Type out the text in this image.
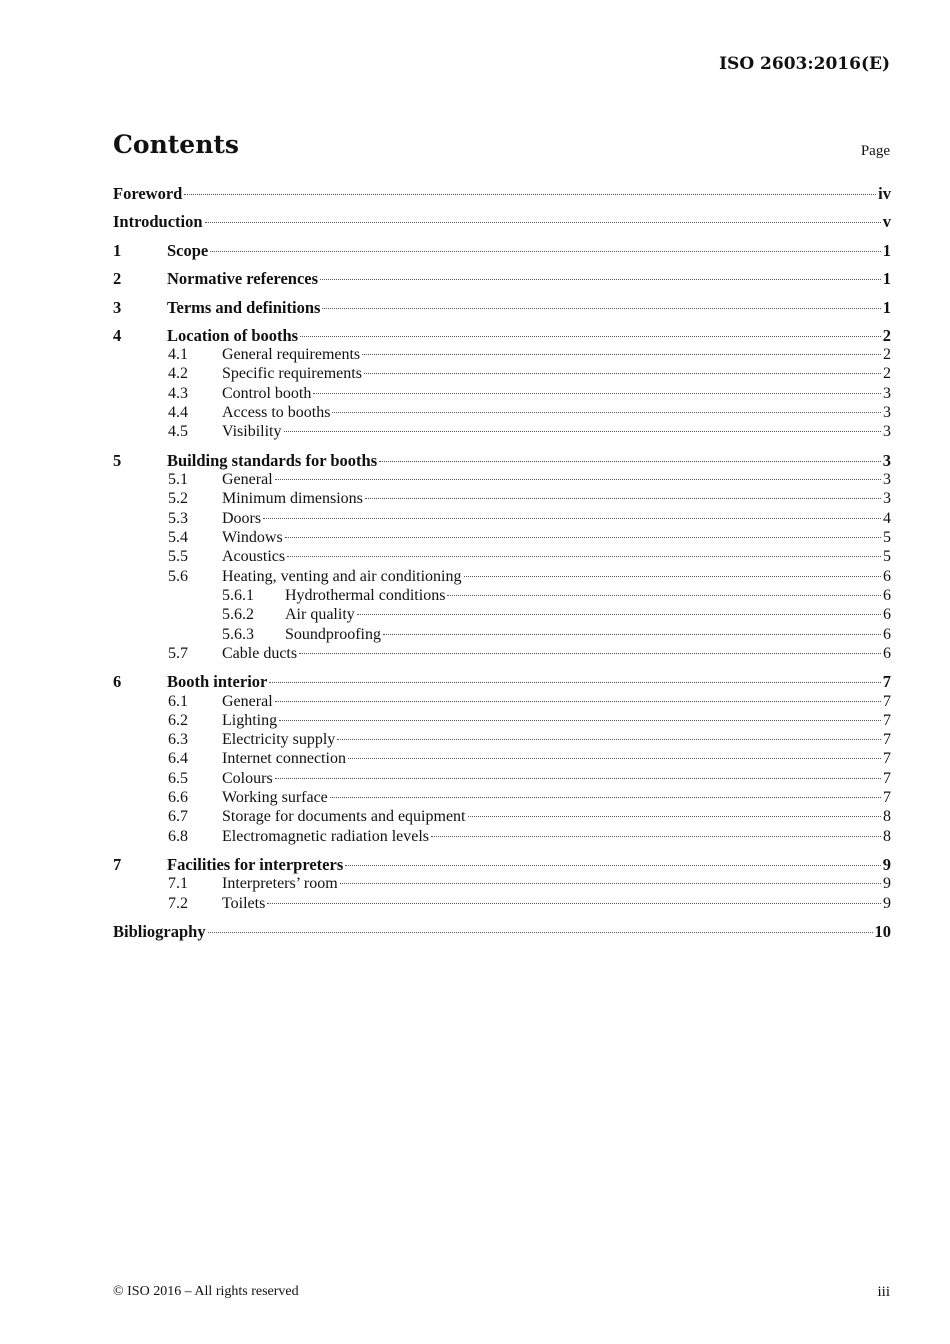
ISO 2603:2016(E)
Contents	Page
Foreword	iv
Introduction	v
1	Scope	1
2	Normative references	1
3	Terms and definitions	1
4	Location of booths	2
4.1 General requirements	2
4.2 Specific requirements	2
4.3 Control booth	3
4.4 Access to booths	3
4.5 Visibility	3
5	Building standards for booths	3
5.1 General	3
5.2 Minimum dimensions	3
5.3 Doors	4
5.4 Windows	5
5.5 Acoustics	5
5.6 Heating, venting and air conditioning	6
5.6.1 Hydrothermal conditions	6
5.6.2 Air quality	6
5.6.3 Soundproofing	6
5.7 Cable ducts	6
6	Booth interior	7
6.1 General	7
6.2 Lighting	7
6.3 Electricity supply	7
6.4 Internet connection	7
6.5 Colours	7
6.6 Working surface	7
6.7 Storage for documents and equipment	8
6.8 Electromagnetic radiation levels	8
7	Facilities for interpreters	9
7.1 Interpreters’ room	9
7.2 Toilets	9
Bibliography	10
© ISO 2016 – All rights reserved	iii
